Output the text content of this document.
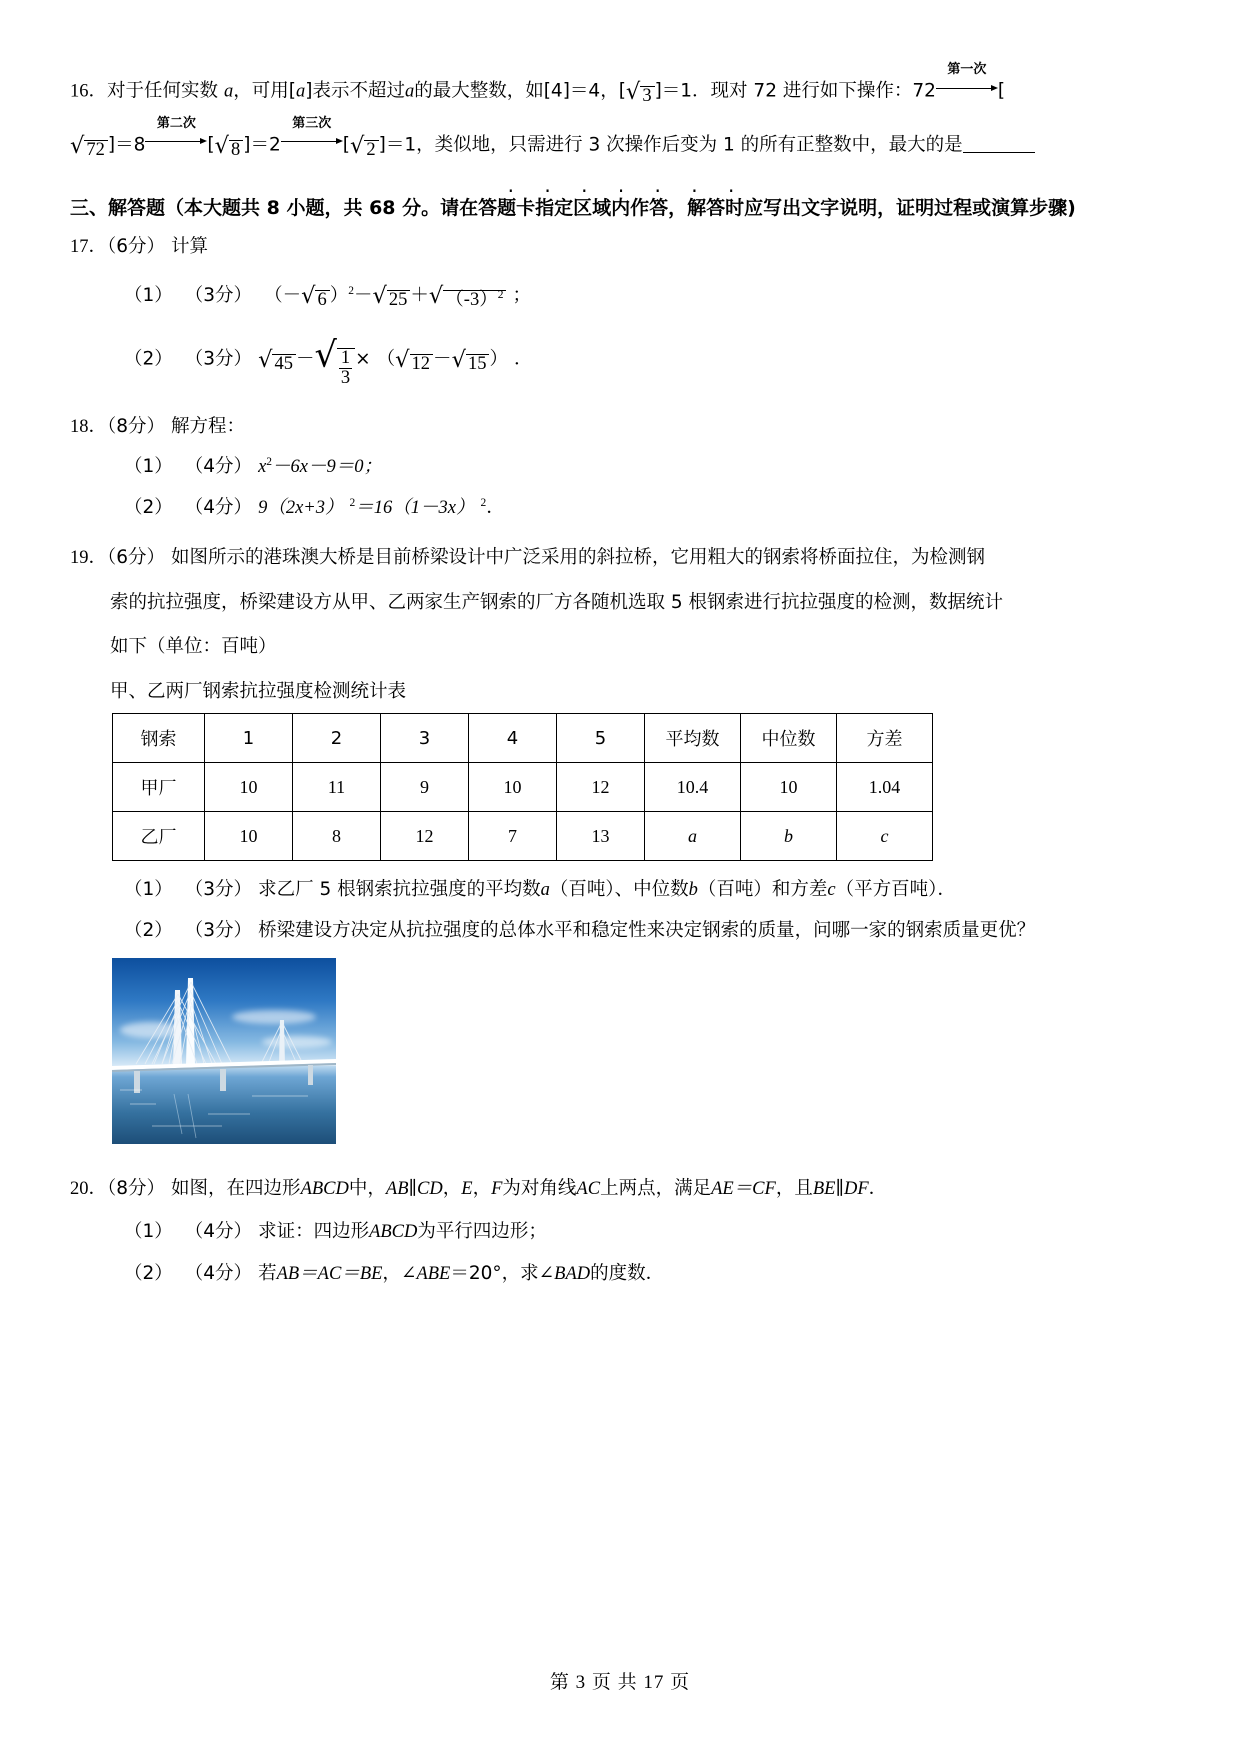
16．对于任何实数 a，可用[a]表示不超过a的最大整数，如[4]＝4，[ √ 3 ]＝1．现对 72 进行如下操作：72
第一次
[
√ 72 ]＝8
第二次
[ √ 8 ]＝2
第三次
[ √ 2 ]＝1，类似地，只需进行 3 次操作后变为 1 的所有正整数中，最大的是
. . . . . . .
三、解答题（本大题共 8 小题，共 68 分。请在答题卡指定区域内作答，解答时应写出文字说明，证明过程或演算步骤)
17．（6分） 计算
（1） （3分） （－ √ 6 ）$^2$－ √ 25 ＋ √ $(-3)^2$ ；
（2） （3分） √ 45 － √ $\frac{1}{3}$ × （ √ 12 － √ 15 ） ．
18．（8分） 解方程：
（1） （4分） $x^2-6x-9=0$；
（2） （4分） 9（2x+3） $^2$＝16（1－3x） $^2$．
19．（6分） 如图所示的港珠澳大桥是目前桥梁设计中广泛采用的斜拉桥，它用粗大的钢索将桥面拉住，为检测钢
索的抗拉强度，桥梁建设方从甲、乙两家生产钢索的厂方各随机选取 5 根钢索进行抗拉强度的检测，数据统计
如下（单位：百吨）
甲、乙两厂钢索抗拉强度检测统计表
钢索	1	2	3	4	5	平均数	中位数	方差
甲厂	10	11	9	10	12	10.4	10	1.04
乙厂	10	8	12	7	13	a	b	c
（1） （3分） 求乙厂 5 根钢索抗拉强度的平均数a（百吨）、中位数b（百吨）和方差c（平方百吨）．
（2） （3分） 桥梁建设方决定从抗拉强度的总体水平和稳定性来决定钢索的质量，问哪一家的钢索质量更优？
20．（8分） 如图，在四边形ABCD中，AB∥CD，E，F为对角线AC上两点，满足AE＝CF，且BE∥DF．
（1） （4分） 求证：四边形ABCD为平行四边形；
（2） （4分） 若AB＝AC＝BE，∠ABE＝20°，求∠BAD的度数．
第 3 页 共 17 页
